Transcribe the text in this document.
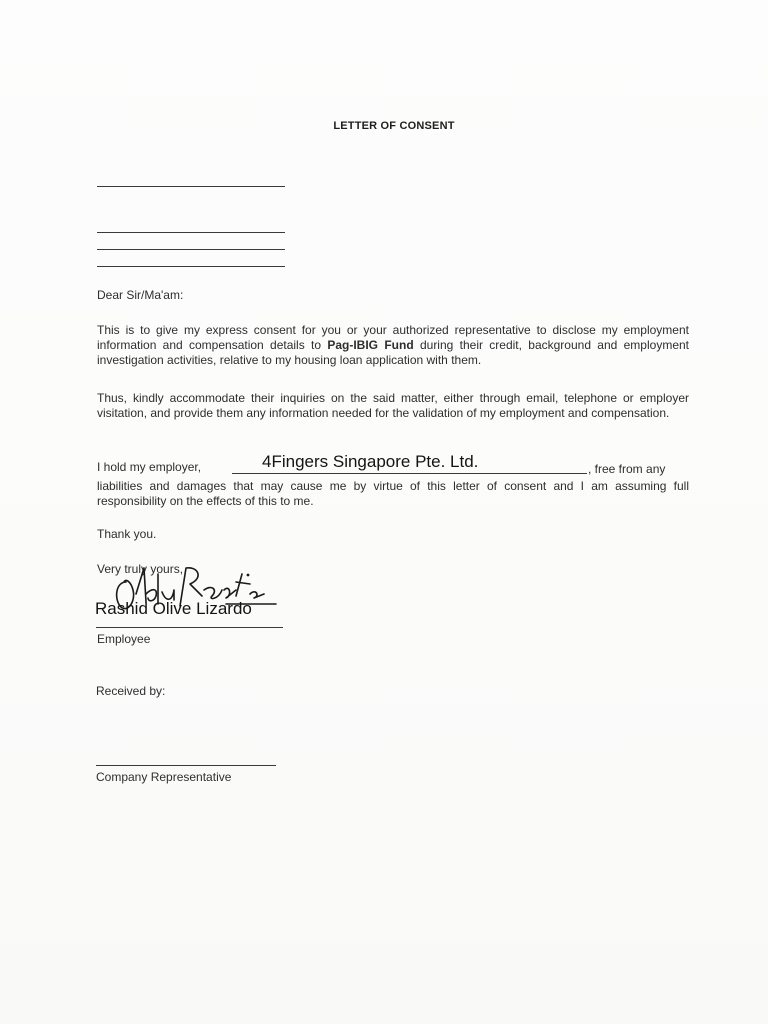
LETTER OF CONSENT
Dear Sir/Ma'am:
This is to give my express consent for you or your authorized representative to disclose my employment information and compensation details to Pag-IBIG Fund during their credit, background and employment investigation activities, relative to my housing loan application with them.
Thus, kindly accommodate their inquiries on the said matter, either through email, telephone or employer visitation, and provide them any information needed for the validation of my employment and compensation.
I hold my employer,	4Fingers Singapore Pte. Ltd.	, free from any
liabilities and damages that may cause me by virtue of this letter of consent and I am assuming full responsibility on the effects of this to me.
Thank you.
Very truly yours,
Rashid Olive Lizardo
Employee
Received by:
Company Representative
